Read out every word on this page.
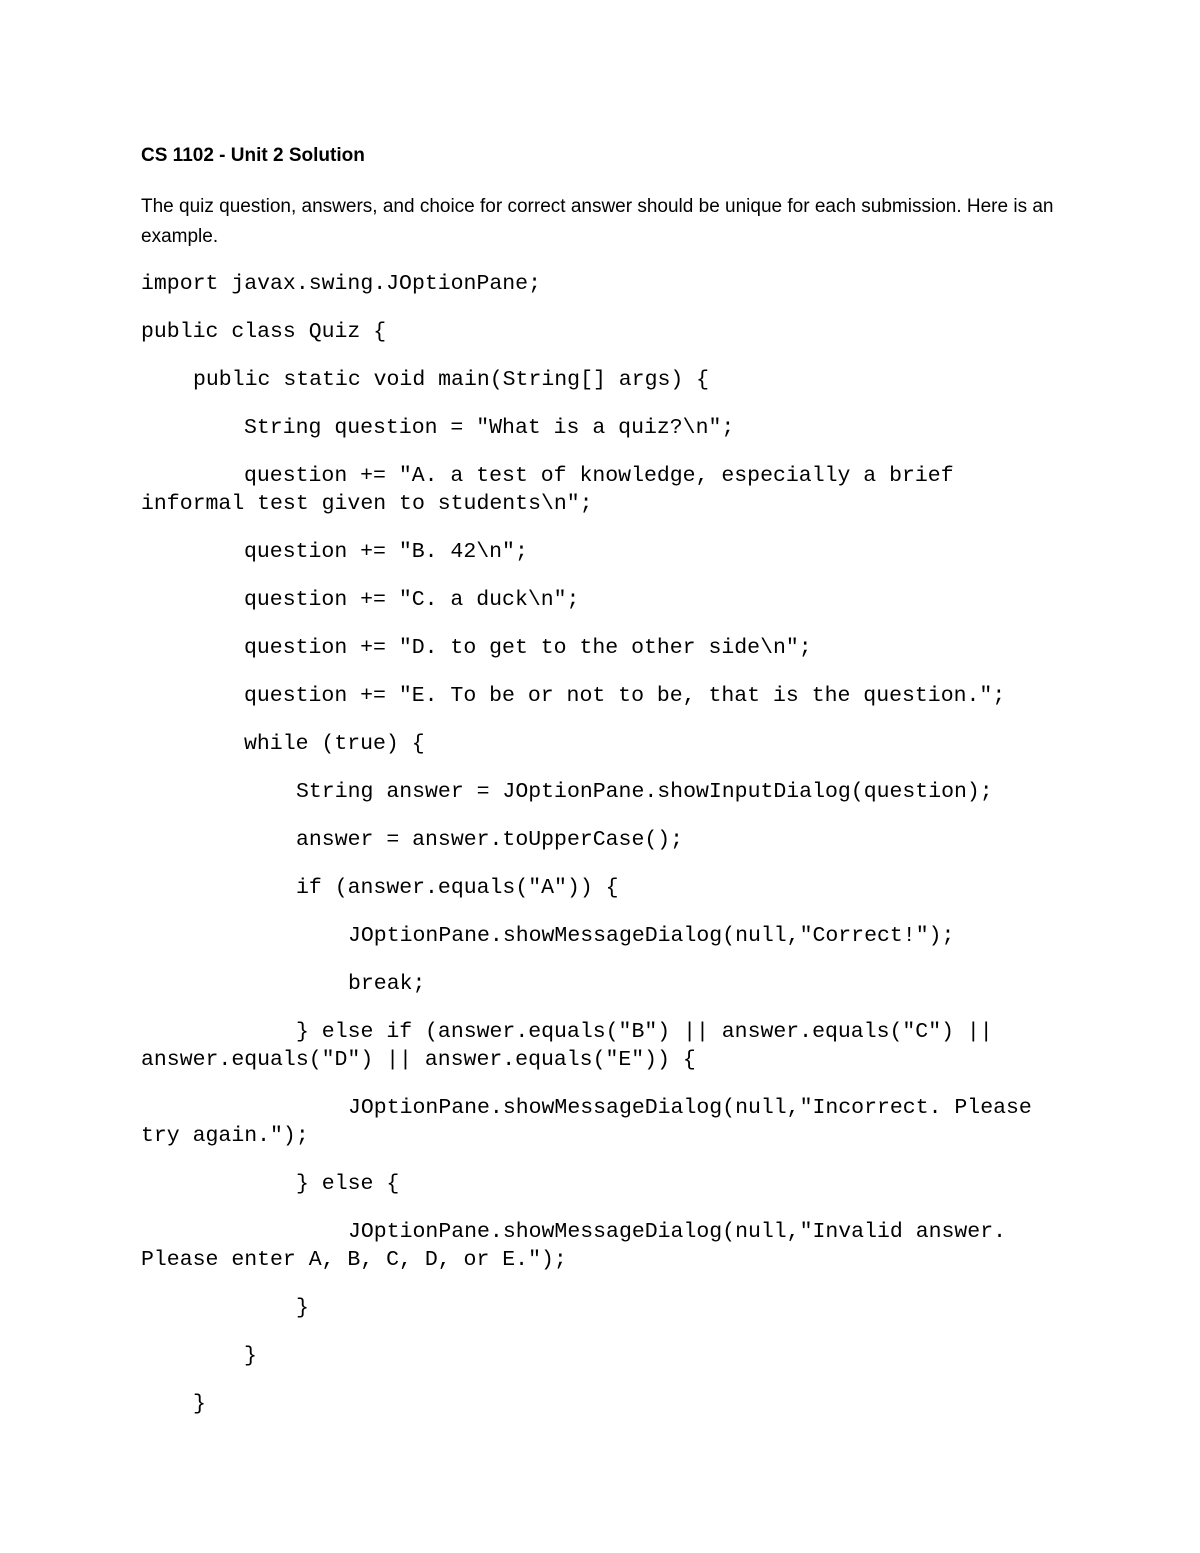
CS 1102 - Unit 2 Solution
The quiz question, answers, and choice for correct answer should be unique for each submission. Here is an example.
import javax.swing.JOptionPane;
public class Quiz {
public static void main(String[] args) {
String question = "What is a quiz?\n";
question += "A. a test of knowledge, especially a brief informal test given to students\n";
question += "B. 42\n";
question += "C. a duck\n";
question += "D. to get to the other side\n";
question += "E. To be or not to be, that is the question.";
while (true) {
String answer = JOptionPane.showInputDialog(question);
answer = answer.toUpperCase();
if (answer.equals("A")) {
JOptionPane.showMessageDialog(null,"Correct!");
break;
} else if (answer.equals("B") || answer.equals("C") || answer.equals("D") || answer.equals("E")) {
JOptionPane.showMessageDialog(null,"Incorrect. Please try again.");
} else {
JOptionPane.showMessageDialog(null,"Invalid answer. Please enter A, B, C, D, or E.");
}
}
}
